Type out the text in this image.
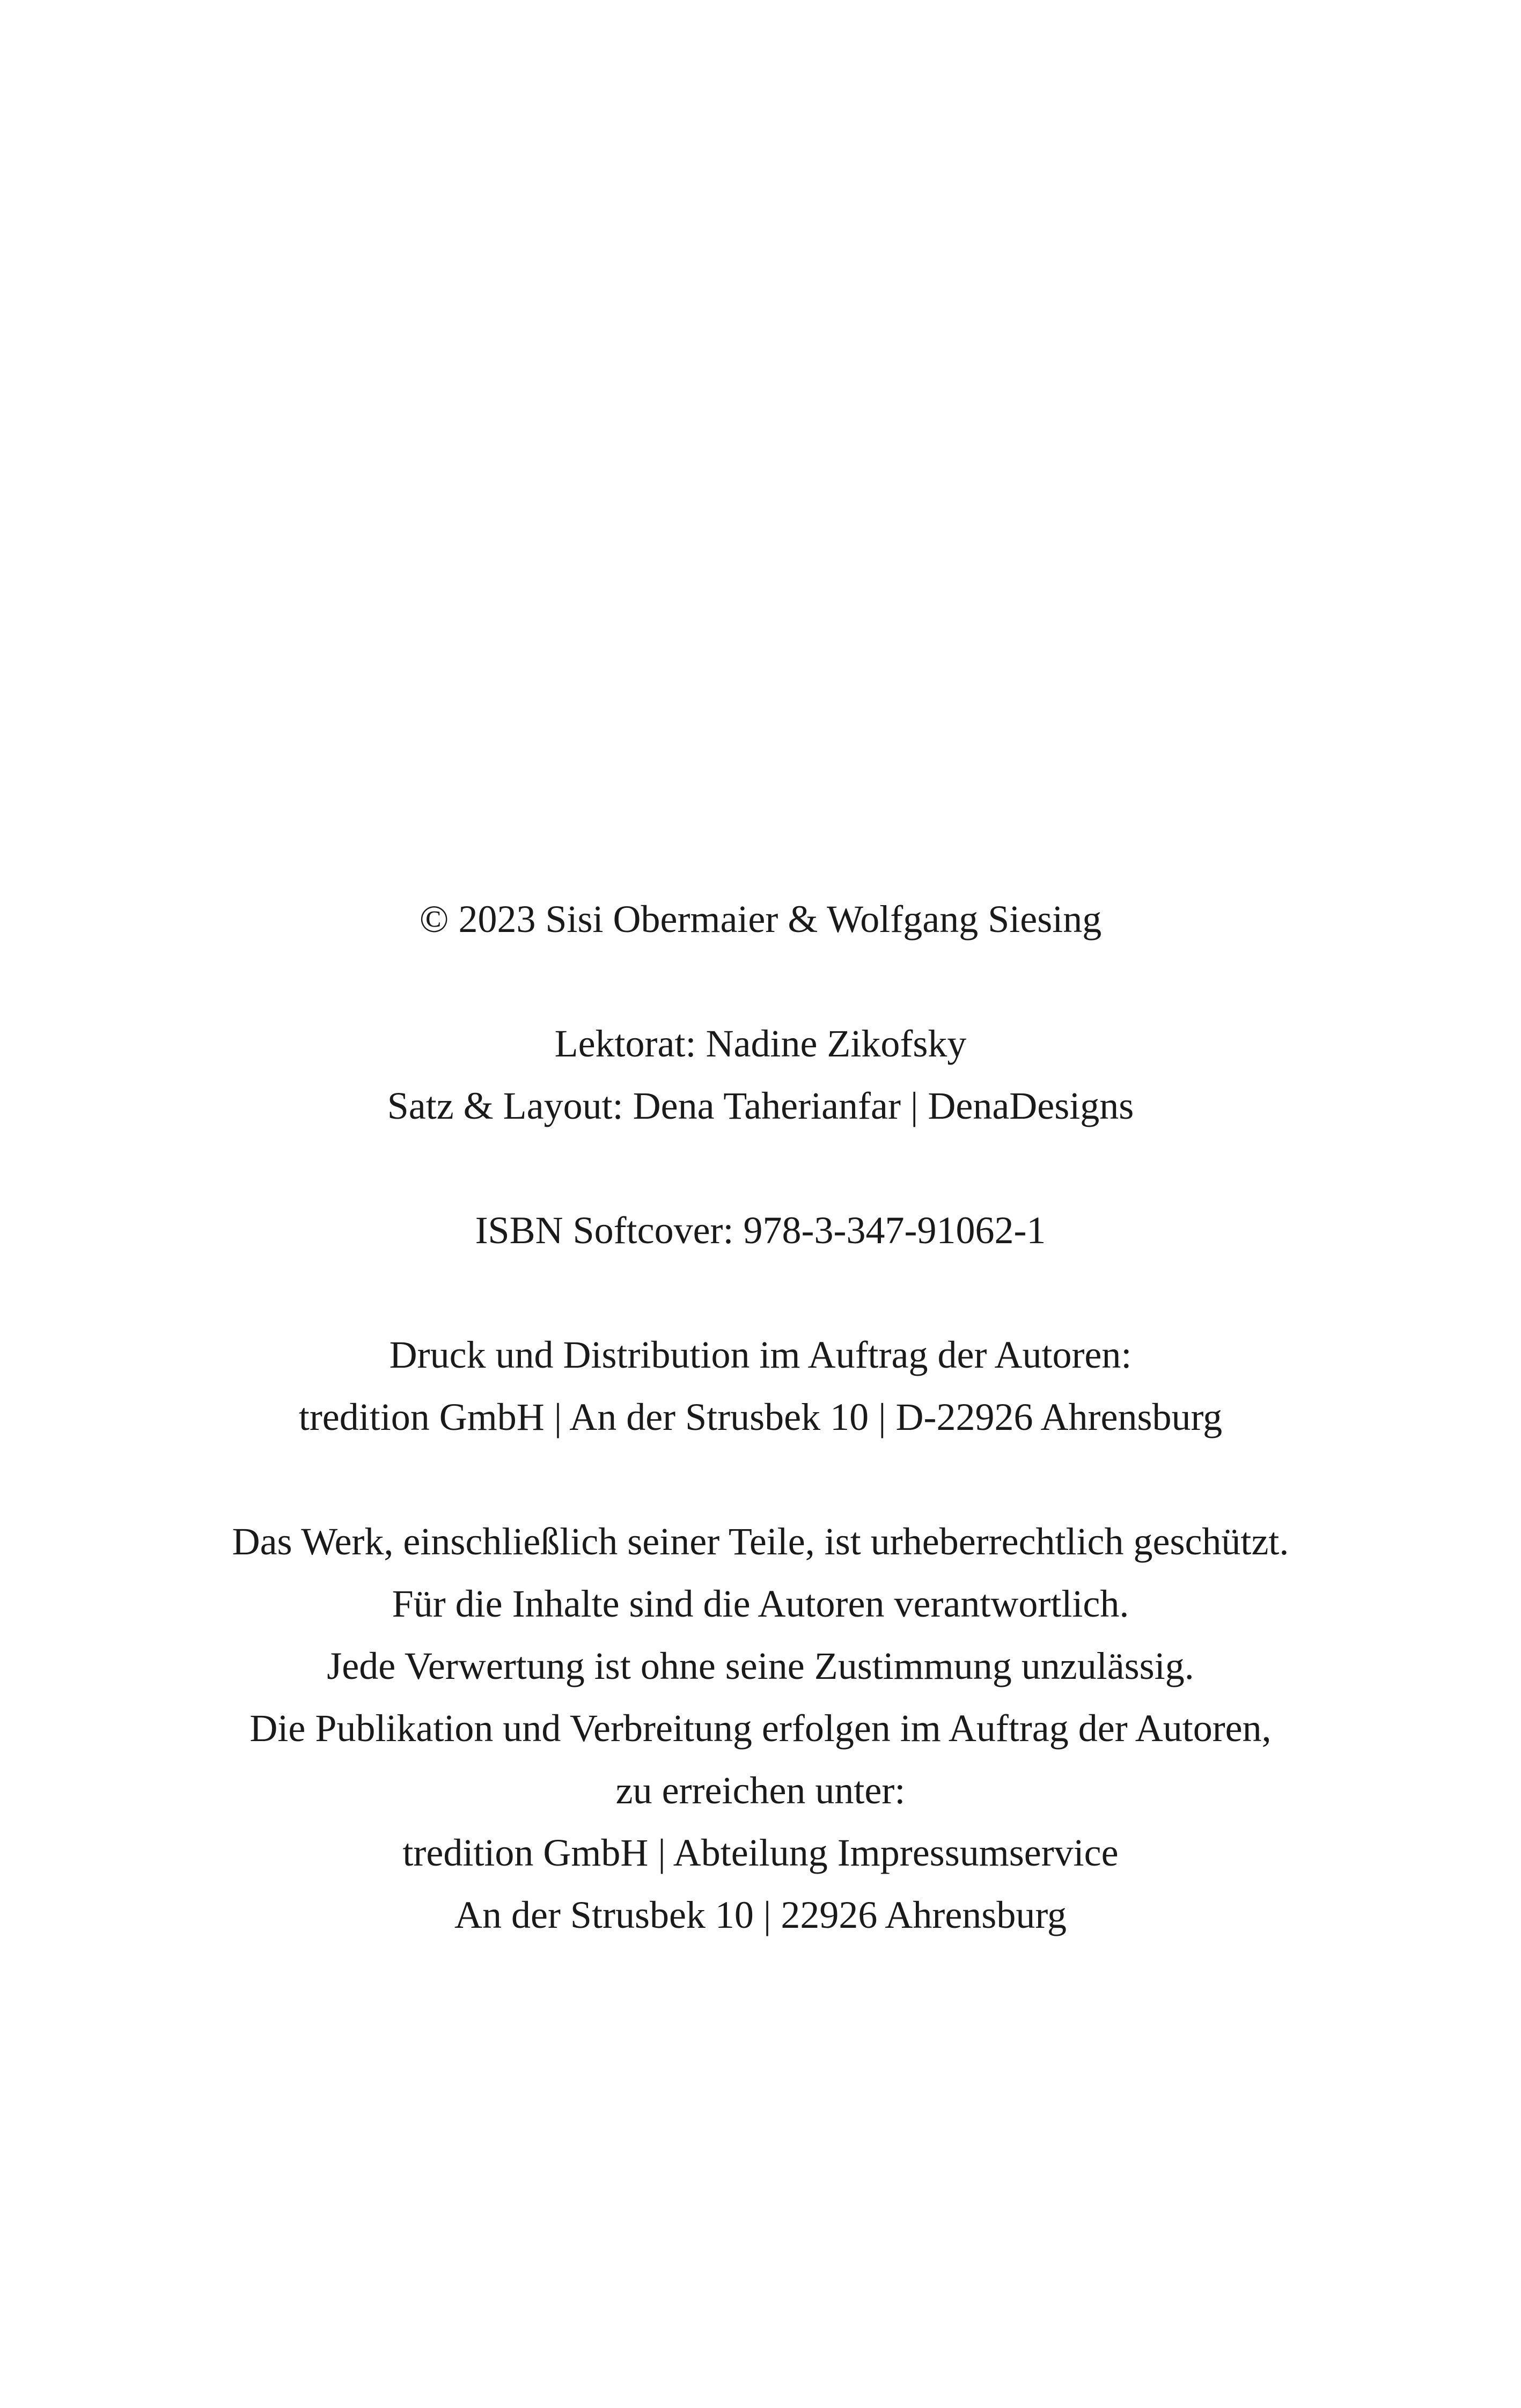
© 2023 Sisi Obermaier & Wolfgang Siesing

Lektorat: Nadine Zikofsky

Satz & Layout: Dena Taherianfar | DenaDesigns

ISBN Softcover: 978-3-347-91062-1

Druck und Distribution im Auftrag der Autoren:

tredition GmbH | An der Strusbek 10 | D-22926 Ahrensburg

Das Werk, einschließlich seiner Teile, ist urheberrechtlich geschützt.

Für die Inhalte sind die Autoren verantwortlich.

Jede Verwertung ist ohne seine Zustimmung unzulässig.

Die Publikation und Verbreitung erfolgen im Auftrag der Autoren,

zu erreichen unter:

tredition GmbH | Abteilung Impressumservice

An der Strusbek 10 | 22926 Ahrensburg
